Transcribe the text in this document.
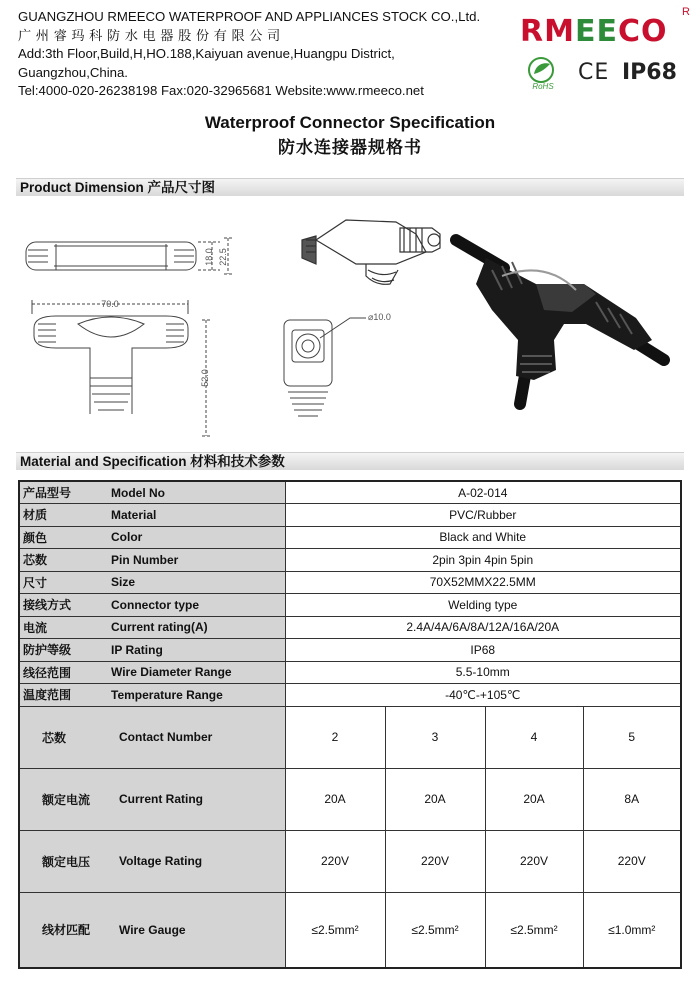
GUANGZHOU RMEECO WATERPROOF AND APPLIANCES STOCK CO.,Ltd.
广州睿玛科防水电器股份有限公司
Add:3th Floor,Build,H,HO.188,Kaiyuan avenue,Huangpu District,
Guangzhou,China.
Tel:4000-020-26238198 Fax:020-32965681 Website:www.rmeeco.net
RMEECO
R
RoHS
CE IP68
Waterproof Connector Specification
防水连接器规格书
Product Dimension 产品尺寸图
18.0 22.5
70.0
52.0
⌀10.0
Material and Specification 材料和技术参数
产品型号	Model No	A-02-014			
材质	Material	PVC/Rubber			
颜色	Color	Black and White			
芯数	Pin Number	2pin 3pin 4pin 5pin			
尺寸	Size	70X52MMX22.5MM			
接线方式	Connector type	Welding type			
电流	Current rating(A)	2.4A/4A/6A/8A/12A/16A/20A			
防护等级	IP Rating	IP68			
线径范围	Wire Diameter Range	5.5-10mm			
温度范围	Temperature Range	-40℃-+105℃			
芯数	Contact Number	2	3	4	5
额定电流	Current Rating	20A	20A	20A	8A
额定电压	Voltage Rating	220V	220V	220V	220V
线材匹配	Wire Gauge	≤2.5mm²	≤2.5mm²	≤2.5mm²	≤1.0mm²
